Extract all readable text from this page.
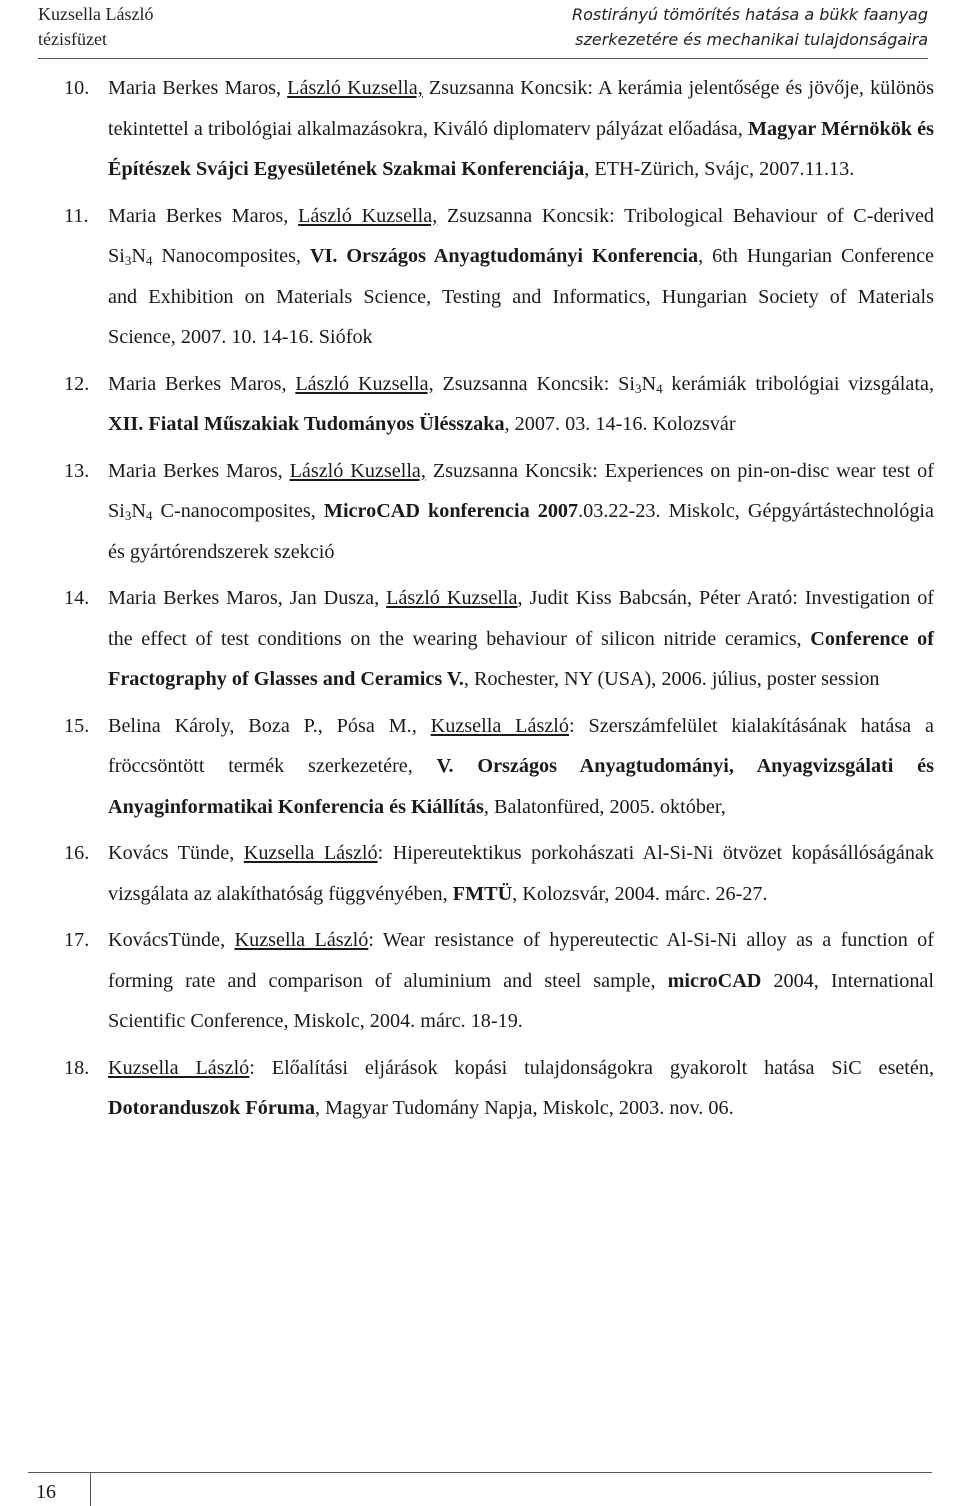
Kuzsella László
tézisfüzet
Rostirányú tömörítés hatása a bükk faanyag
szerkezetére és mechanikai tulajdonságaira

10. Maria Berkes Maros, László Kuzsella, Zsuzsanna Koncsik: A kerámia jelentősége és jövője, különös tekintettel a tribológiai alkalmazásokra, Kiváló diplomaterv pályázat előadása, Magyar Mérnökök és Építészek Svájci Egyesületének Szakmai Konferenciája, ETH-Zürich, Svájc, 2007.11.13.

11. Maria Berkes Maros, László Kuzsella, Zsuzsanna Koncsik: Tribological Behaviour of C-derived $Si_3N_4$ Nanocomposites, VI. Országos Anyagtudományi Konferencia, 6th Hungarian Conference and Exhibition on Materials Science, Testing and Informatics, Hungarian Society of Materials Science, 2007. 10. 14-16. Siófok

12. Maria Berkes Maros, László Kuzsella, Zsuzsanna Koncsik: $Si_3N_4$ kerámiák tribológiai vizsgálata, XII. Fiatal Műszakiak Tudományos Ülésszaka, 2007. 03. 14-16. Kolozsvár

13. Maria Berkes Maros, László Kuzsella, Zsuzsanna Koncsik: Experiences on pin-on-disc wear test of $Si_3N_4$ C-nanocomposites, MicroCAD konferencia 2007.03.22-23. Miskolc, Gépgyártástechnológia és gyártórendszerek szekció

14. Maria Berkes Maros, Jan Dusza, László Kuzsella, Judit Kiss Babcsán, Péter Arató: Investigation of the effect of test conditions on the wearing behaviour of silicon nitride ceramics, Conference of Fractography of Glasses and Ceramics V., Rochester, NY (USA), 2006. július, poster session

15. Belina Károly, Boza P., Pósa M., Kuzsella László: Szerszámfelület kialakításának hatása a fröccsöntött termék szerkezetére, V. Országos Anyagtudományi, Anyagvizsgálati és Anyaginformatikai Konferencia és Kiállítás, Balatonfüred, 2005. október,

16. Kovács Tünde, Kuzsella László: Hipereutektikus porkohászati Al-Si-Ni ötvözet kopásállóságának vizsgálata az alakíthatóság függvényében, FMTÜ, Kolozsvár, 2004. márc. 26-27.

17. KovácsTünde, Kuzsella László: Wear resistance of hypereutectic Al-Si-Ni alloy as a function of forming rate and comparison of aluminium and steel sample, microCAD 2004, International Scientific Conference, Miskolc, 2004. márc. 18-19.

18. Kuzsella László: Előalítási eljárások kopási tulajdonságokra gyakorolt hatása SiC esetén, Dotoranduszok Fóruma, Magyar Tudomány Napja, Miskolc, 2003. nov. 06.

16
